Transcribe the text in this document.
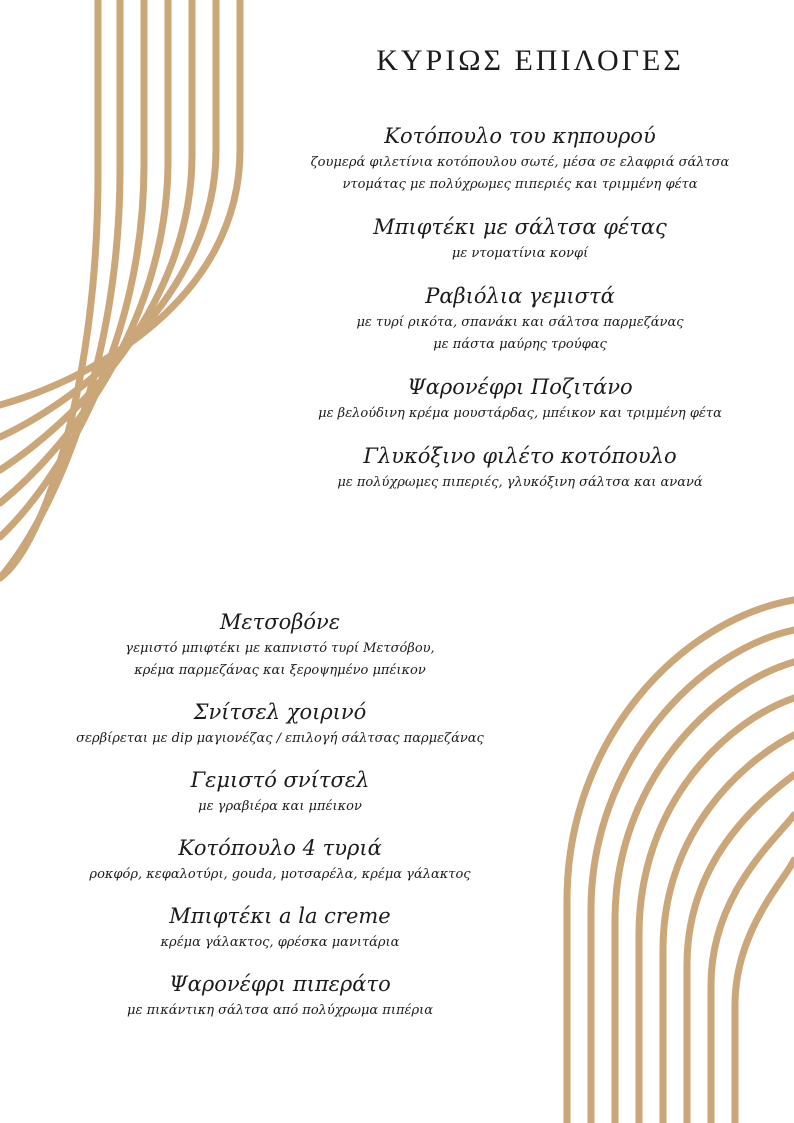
ΚΥΡΙΩΣ ΕΠΙΛΟΓΕΣ
Κοτόπουλο του κηπουρού
ζουμερά φιλετίνια κοτόπουλου σωτέ, μέσα σε ελαφριά σάλτσα
ντομάτας με πολύχρωμες πιπεριές και τριμμένη φέτα
Μπιφτέκι με σάλτσα φέτας
με ντοματίνια κονφί
Ραβιόλια γεμιστά
με τυρί ρικότα, σπανάκι και σάλτσα παρμεζάνας
με πάστα μαύρης τρούφας
Ψαρονέφρι Ποζιτάνο
με βελούδινη κρέμα μουστάρδας, μπέικον και τριμμένη φέτα
Γλυκόξινο φιλέτο κοτόπουλο
με πολύχρωμες πιπεριές, γλυκόξινη σάλτσα και ανανά
Μετσοβόνε
γεμιστό μπιφτέκι με καπνιστό τυρί Μετσόβου,
κρέμα παρμεζάνας και ξεροψημένο μπέικον
Σνίτσελ χοιρινό
σερβίρεται με dip μαγιονέζας / επιλογή σάλτσας παρμεζάνας
Γεμιστό σνίτσελ
με γραβιέρα και μπέικον
Κοτόπουλο 4 τυριά
ροκφόρ, κεφαλοτύρι, gouda, μοτσαρέλα, κρέμα γάλακτος
Μπιφτέκι a la creme
κρέμα γάλακτος, φρέσκα μανιτάρια
Ψαρονέφρι πιπεράτο
με πικάντικη σάλτσα από πολύχρωμα πιπέρια
